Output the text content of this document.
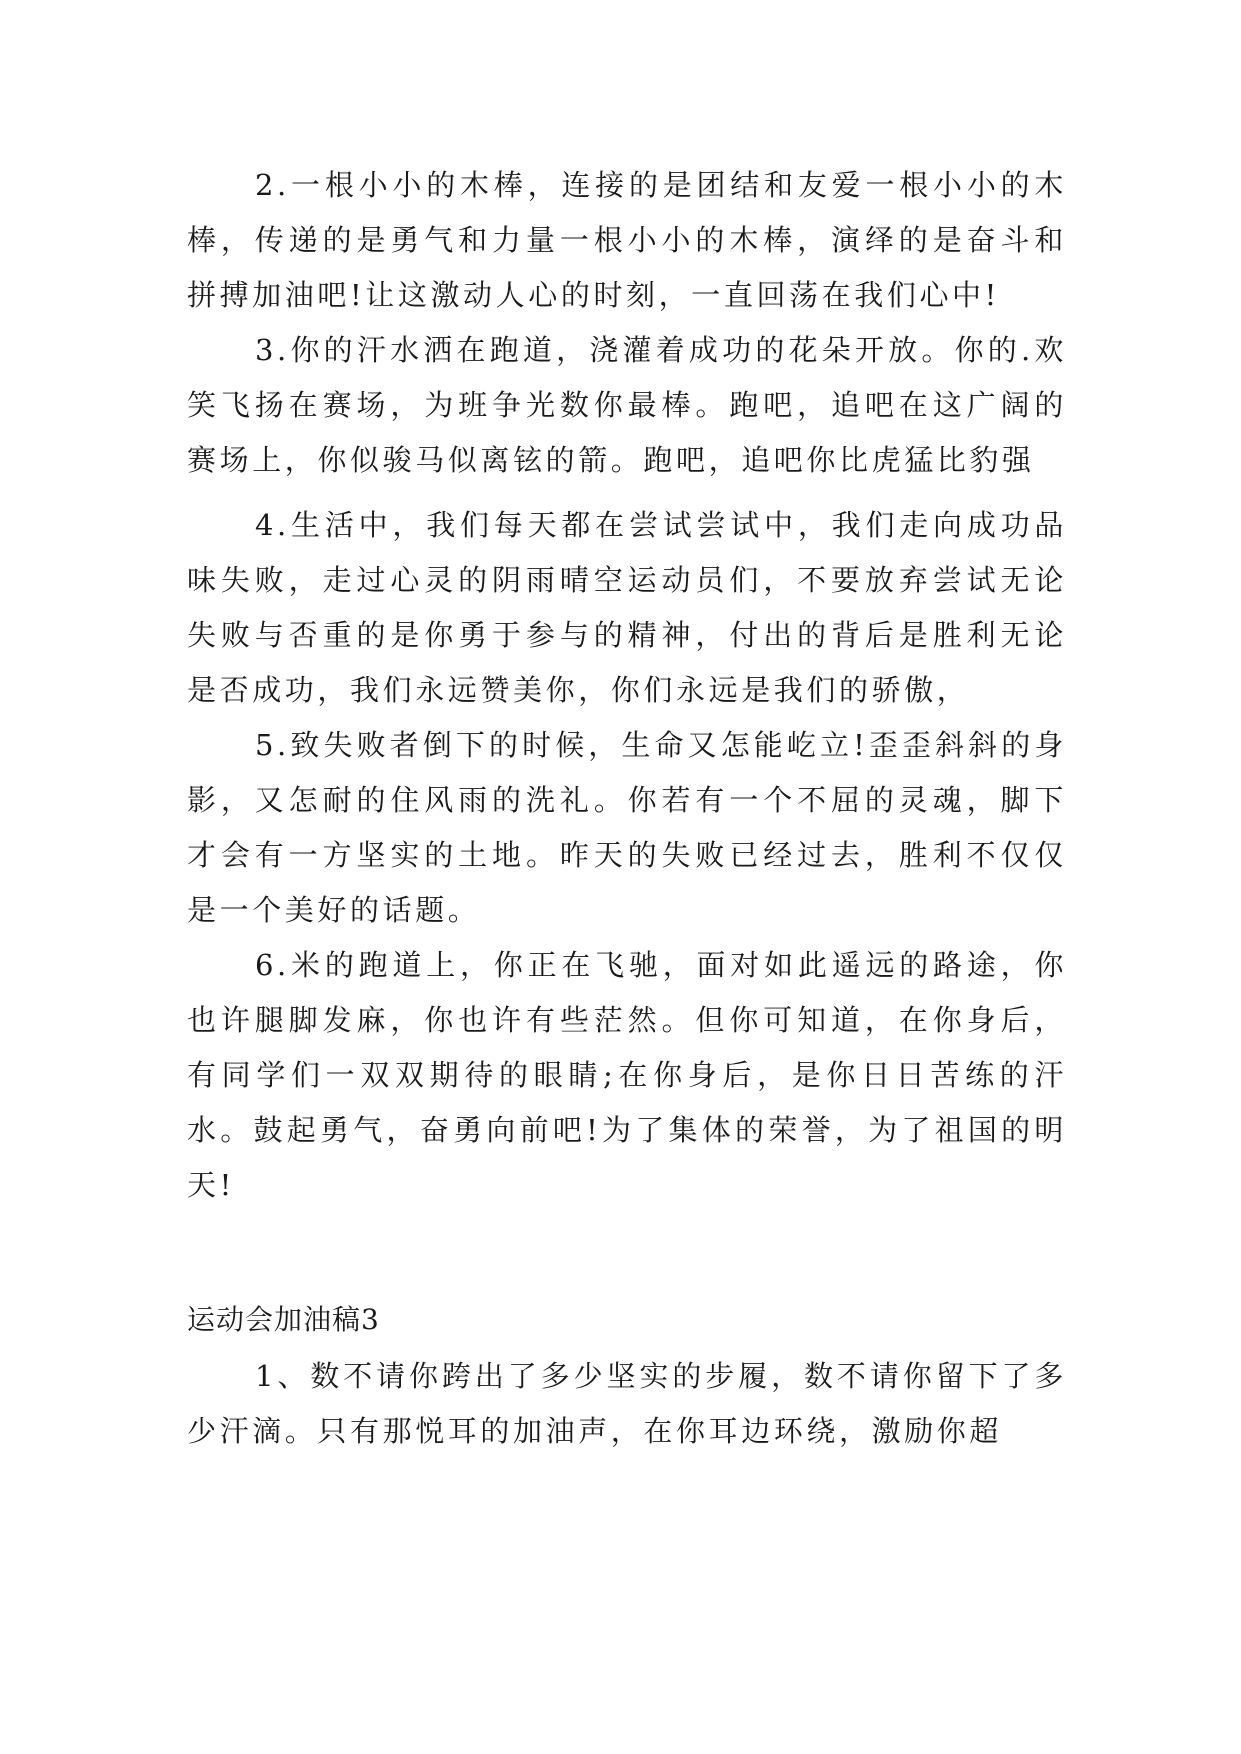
2.一根小小的木棒，连接的是团结和友爱一根小小的木棒，传递的是勇气和力量一根小小的木棒，演绎的是奋斗和拼搏加油吧!让这激动人心的时刻，一直回荡在我们心中!

3.你的汗水洒在跑道，浇灌着成功的花朵开放。你的.欢笑飞扬在赛场，为班争光数你最棒。跑吧，追吧在这广阔的赛场上，你似骏马似离铉的箭。跑吧，追吧你比虎猛比豹强

4.生活中，我们每天都在尝试尝试中，我们走向成功品味失败，走过心灵的阴雨晴空运动员们，不要放弃尝试无论失败与否重的是你勇于参与的精神，付出的背后是胜利无论是否成功，我们永远赞美你，你们永远是我们的骄傲，

5.致失败者倒下的时候，生命又怎能屹立!歪歪斜斜的身影，又怎耐的住风雨的洗礼。你若有一个不屈的灵魂，脚下才会有一方坚实的土地。昨天的失败已经过去，胜利不仅仅是一个美好的话题。

6.米的跑道上，你正在飞驰，面对如此遥远的路途，你也许腿脚发麻，你也许有些茫然。但你可知道，在你身后，有同学们一双双期待的眼睛;在你身后，是你日日苦练的汗水。鼓起勇气，奋勇向前吧!为了集体的荣誉，为了祖国的明天!

运动会加油稿3

1、数不请你跨出了多少坚实的步履，数不请你留下了多少汗滴。只有那悦耳的加油声，在你耳边环绕，激励你超
